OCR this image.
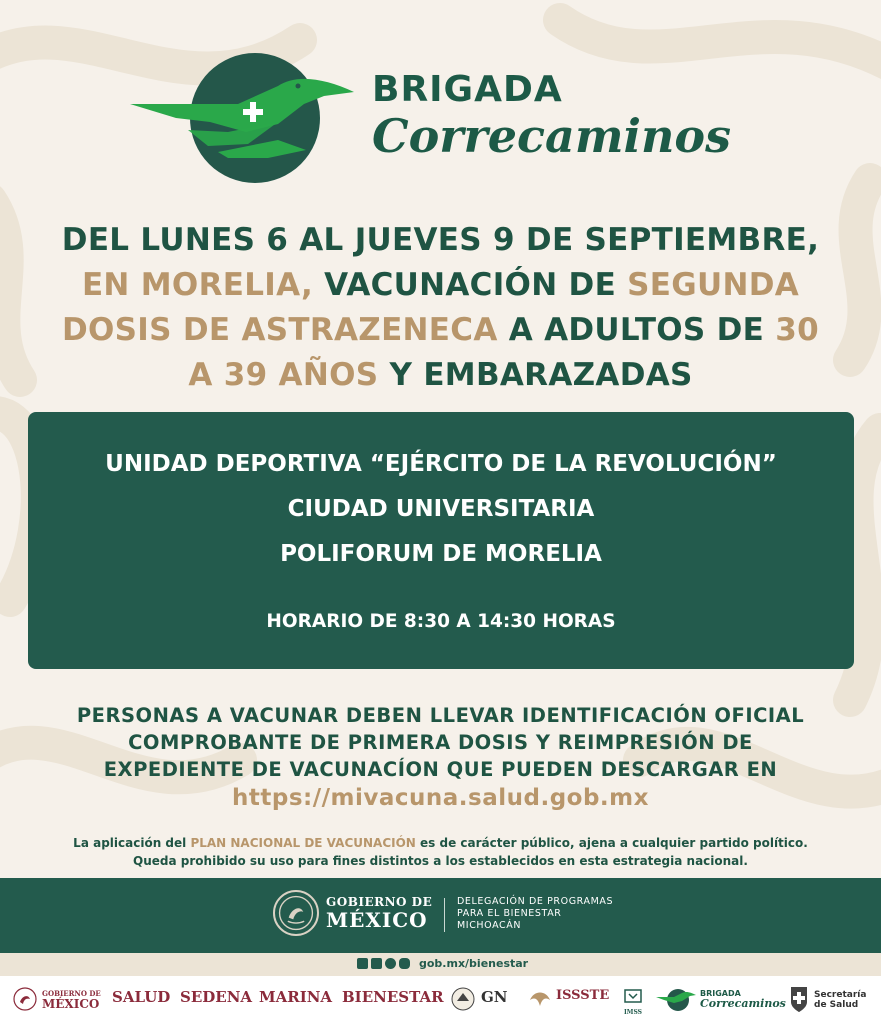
BRIGADA
Correcaminos
DEL LUNES 6 AL JUEVES 9 DE SEPTIEMBRE,
EN MORELIA, VACUNACIÓN DE SEGUNDA
DOSIS DE ASTRAZENECA A ADULTOS DE 30
A 39 AÑOS Y EMBARAZADAS
UNIDAD DEPORTIVA “EJÉRCITO DE LA REVOLUCIÓN”
CIUDAD UNIVERSITARIA
POLIFORUM DE MORELIA
HORARIO DE 8:30 A 14:30 HORAS
PERSONAS A VACUNAR DEBEN LLEVAR IDENTIFICACIÓN OFICIAL
COMPROBANTE DE PRIMERA DOSIS Y REIMPRESIÓN DE
EXPEDIENTE DE VACUNACÍON QUE PUEDEN DESCARGAR EN
https://mivacuna.salud.gob.mx
La aplicación del PLAN NACIONAL DE VACUNACIÓN es de carácter público, ajena a cualquier partido político.
Queda prohibido su uso para fines distintos a los establecidos en esta estrategia nacional.
GOBIERNO DE
MÉXICO
DELEGACIÓN DE PROGRAMAS
PARA EL BIENESTAR
MICHOACÁN
gob.mx/bienestar
GOBIERNO DE
MÉXICO SALUD SEDENA MARINA BIENESTAR GN	ISSSTE
IMSS
BRIGADA
Correcaminos
Secretaría
de Salud
